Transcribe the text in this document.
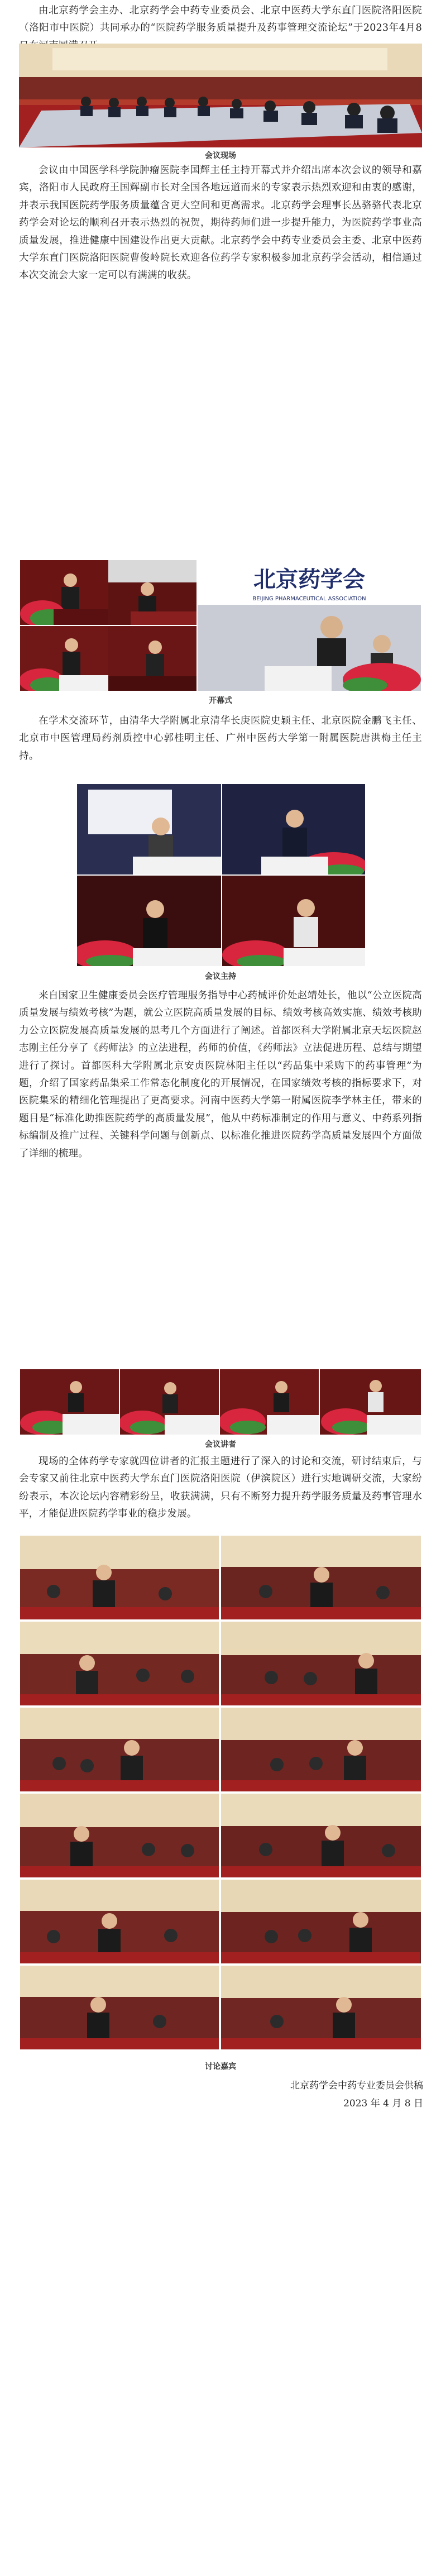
由北京药学会主办、北京药学会中药专业委员会、北京中医药大学东直门医院洛阳医院（洛阳市中医院）共同承办的“医院药学服务质量提升及药事管理交流论坛”于2023年4月8

会议现场

会议由中国医学科学院肿瘤医院李国辉主任主持开幕式并介绍出席本次会议的领导和嘉宾，洛阳市人民政府王国辉副市长对全国各地远道而来的专家表示热烈欢迎和由衷的感谢，并表示我国医院药学服务质量蕴含更大空间和更高需求。北京药学会理事长丛骆骆代表北京药学会对论坛的顺利召开表示热烈的祝贺，期待药师们进一步提升能力，为医院药学事业高质量发展，推进健康中国建设作出更大贡献。北京药学会中药专业委员会主委、北京中医药大学东直门医院洛阳医院曹俊岭院长欢迎各位药学专家积极参加北京药学会活动，相信通过本次交流会大家一定可以有满满的收获。

北京药学会
BEIJING PHARMACEUTICAL ASSOCIATION
开幕式

在学术交流环节，由清华大学附属北京清华长庚医院史颖主任、北京医院金鹏飞主任、北京市中医管理局药剂质控中心郭桂明主任、广州中医药大学第一附属医院唐洪梅主任主持。

会议主持

来自国家卫生健康委员会医疗管理服务指导中心药械评价处赵靖处长，他以“公立医院高质量发展与绩效考核”为题，就公立医院高质量发展的目标、绩效考核高效实施、绩效考核助力公立医院发展高质量发展的思考几个方面进行了阐述。首都医科大学附属北京天坛医院赵志刚主任分享了《药师法》的立法进程，药师的价值，《药师法》立法促进历程、总结与期望进行了探讨。首都医科大学附属北京安贞医院林阳主任以“药品集中采购下的药事管理”为题，介绍了国家药品集采工作常态化制度化的开展情况，在国家绩效考核的指标要求下，对医院集采的精细化管理提出了更高要求。河南中医药大学第一附属医院李学林主任，带来的题目是“标准化助推医院药学的高质量发展”，他从中药标准制定的作用与意义、中药系列指标编制及推广过程、关键科学问题与创新点、以标准化推进医院药学高质量发展四个方面做了详细的梳理。

会议讲者

现场的全体药学专家就四位讲者的汇报主题进行了深入的讨论和交流，研讨结束后，与会专家又前往北京中医药大学东直门医院洛阳医院（伊滨院区）进行实地调研交流，大家纷纷表示，本次论坛内容精彩纷呈，收获满满，只有不断努力提升药学服务质量及药事管理水平，才能促进医院药学事业的稳步发展。

讨论嘉宾
北京药学会中药专业委员会供稿
2023 年 4 月 8 日
